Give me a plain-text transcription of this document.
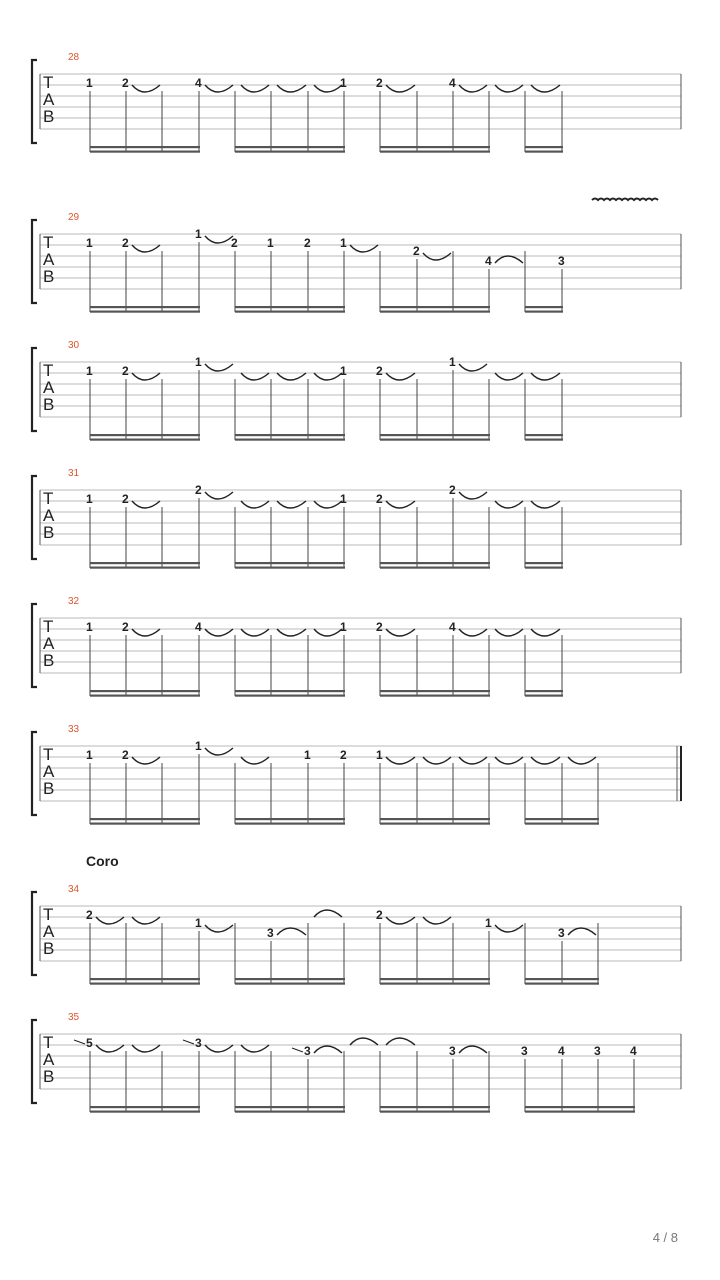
T
A
B
28
1 2	4	1 2	4
T
A
B
29
1 2
1
2 1	2 1
2
4	3
T
A
B
30
1 2
1
1 2
1
T
A
B
31
1 2
2
1 2
2
T
A
B
32
1 2	4	1 2	4
T
A
B
33
1 2
1
1 2 1
T
A
B
34
Coro
2
1
3
2
1
3
T
A
B
35
5	3
3	3	3	4 3 4
4 / 8
